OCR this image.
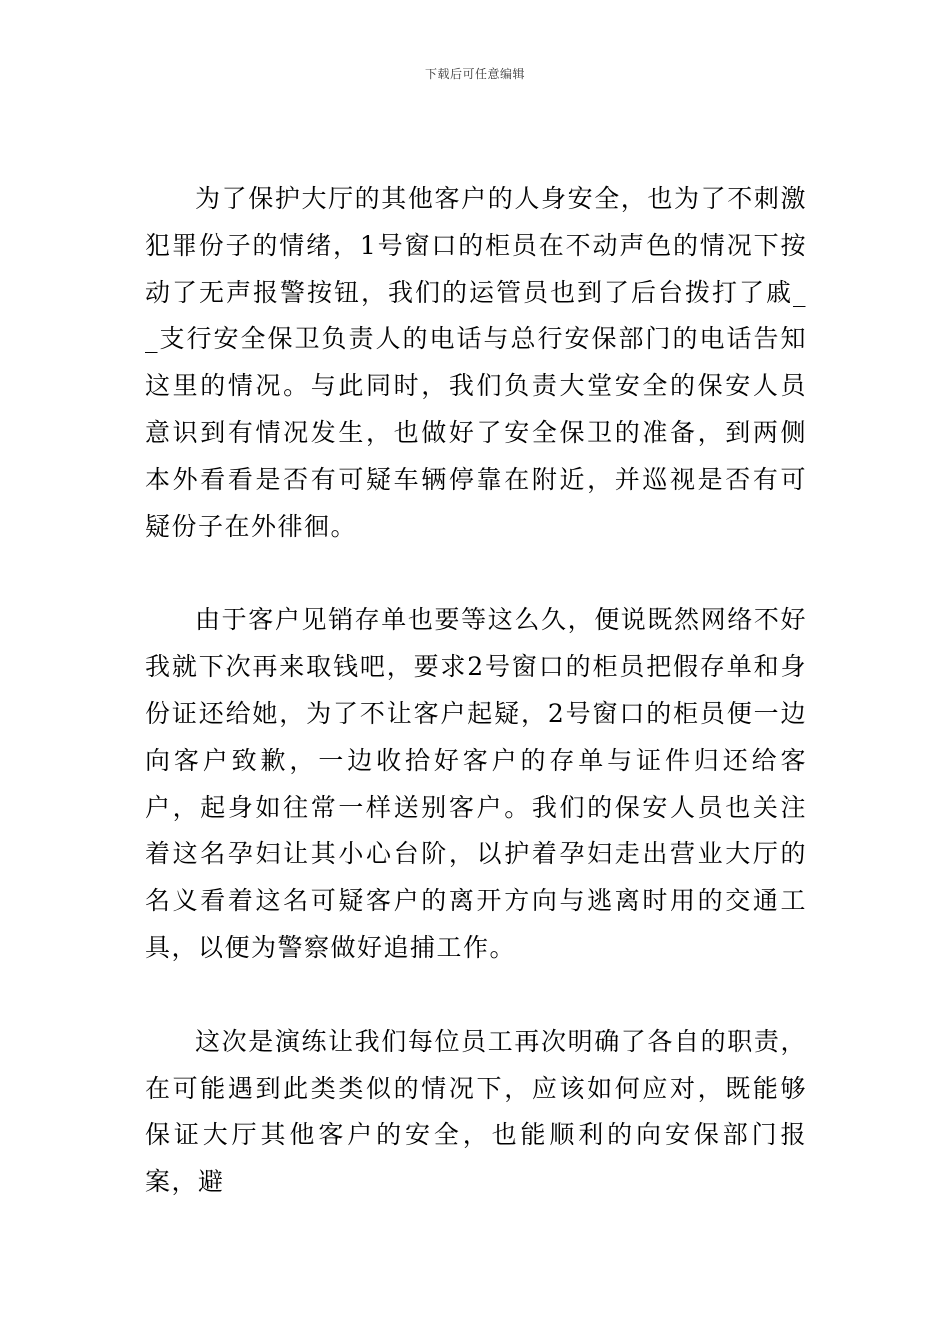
下载后可任意编辑

为了保护大厅的其他客户的人身安全，也为了不刺激犯罪份子的情绪，1号窗口的柜员在不动声色的情况下按动了无声报警按钮，我们的运管员也到了后台拨打了戚__支行安全保卫负责人的电话与总行安保部门的电话告知这里的情况。与此同时，我们负责大堂安全的保安人员意识到有情况发生，也做好了安全保卫的准备，到两侧本外看看是否有可疑车辆停靠在附近，并巡视是否有可疑份子在外徘徊。

由于客户见销存单也要等这么久，便说既然网络不好我就下次再来取钱吧，要求2号窗口的柜员把假存单和身份证还给她，为了不让客户起疑，2号窗口的柜员便一边向客户致歉，一边收拾好客户的存单与证件归还给客户，起身如往常一样送别客户。我们的保安人员也关注着这名孕妇让其小心台阶，以护着孕妇走出营业大厅的名义看着这名可疑客户的离开方向与逃离时用的交通工具，以便为警察做好追捕工作。

这次是演练让我们每位员工再次明确了各自的职责，在可能遇到此类类似的情况下，应该如何应对，既能够保证大厅其他客户的安全，也能顺利的向安保部门报案，避
